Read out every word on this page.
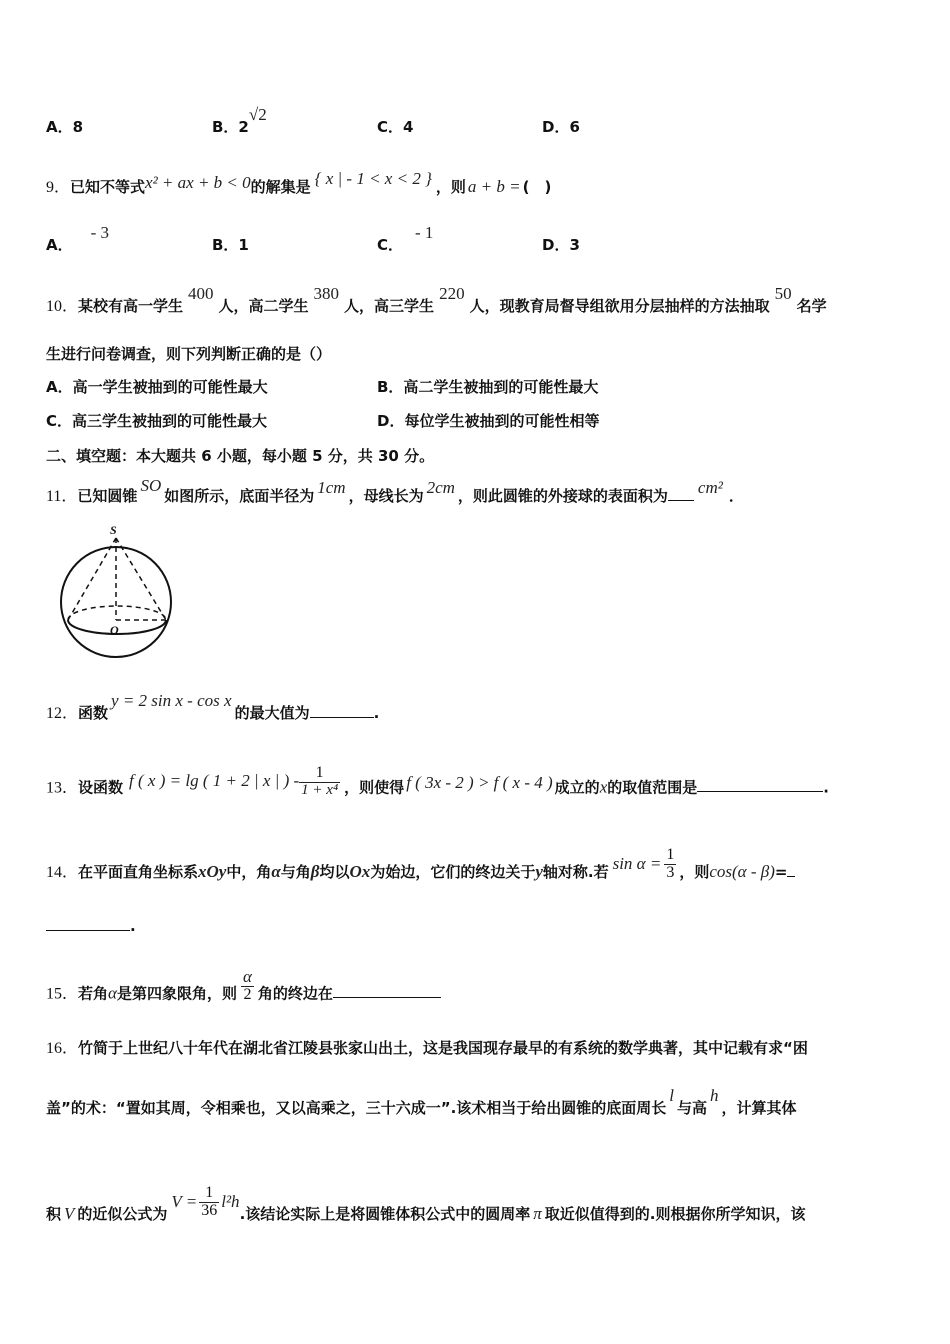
A．8	B．2√2
C．4	D．6
9．已知不等式x² + ax + b < 0的解集是 { x | - 1 < x < 2 } ，则 a + b = (　)
A．- 3
B．1	C．- 1
D．3
10．某校有高一学生400人，高二学生380人，高三学生220人，现教育局督导组欲用分层抽样的方法抽取50名学
生进行问卷调查，则下列判断正确的是（）
A．高一学生被抽到的可能性最大	B．高二学生被抽到的可能性最大
C．高三学生被抽到的可能性最大	D．每位学生被抽到的可能性相等
二、填空题：本大题共 6 小题，每小题 5 分，共 30 分。
11．已知圆锥SO如图所示，底面半径为 1cm ，母线长为 2cm ，则此圆锥的外接球的表面积为 cm² ．
S
O
12．函数y = 2 sin x - cos x的最大值为	.
13．设函数 f ( x ) = lg ( 1 + 2 | x | ) - $\frac{1}{\text{1 + x⁴}}$ ，则使得 f ( 3x - 2 ) > f ( x - 4 ) 成立的x的取值范围是	.
14．在平面直角坐标系xOy中，角α与角β均以Ox为始边，它们的终边关于y轴对称.若 $\sin \alpha = \frac{1}{3}$ ，则cos(α - β)=
.
15．若角α是第四象限角，则 $\frac{\alpha}{2}$ 角的终边在
16．竹简于上世纪八十年代在湖北省江陵县张家山出土，这是我国现存最早的有系统的数学典著，其中记载有求“困
盖”的术：“置如其周，令相乘也，又以高乘之，三十六成一”.该术相当于给出圆锥的底面周长l与高h，计算其体
积 V 的近似公式为$V = \frac{1}{36} l^2h$.该结论实际上是将圆锥体积公式中的圆周率 π 取近似值得到的.则根据你所学知识，该
